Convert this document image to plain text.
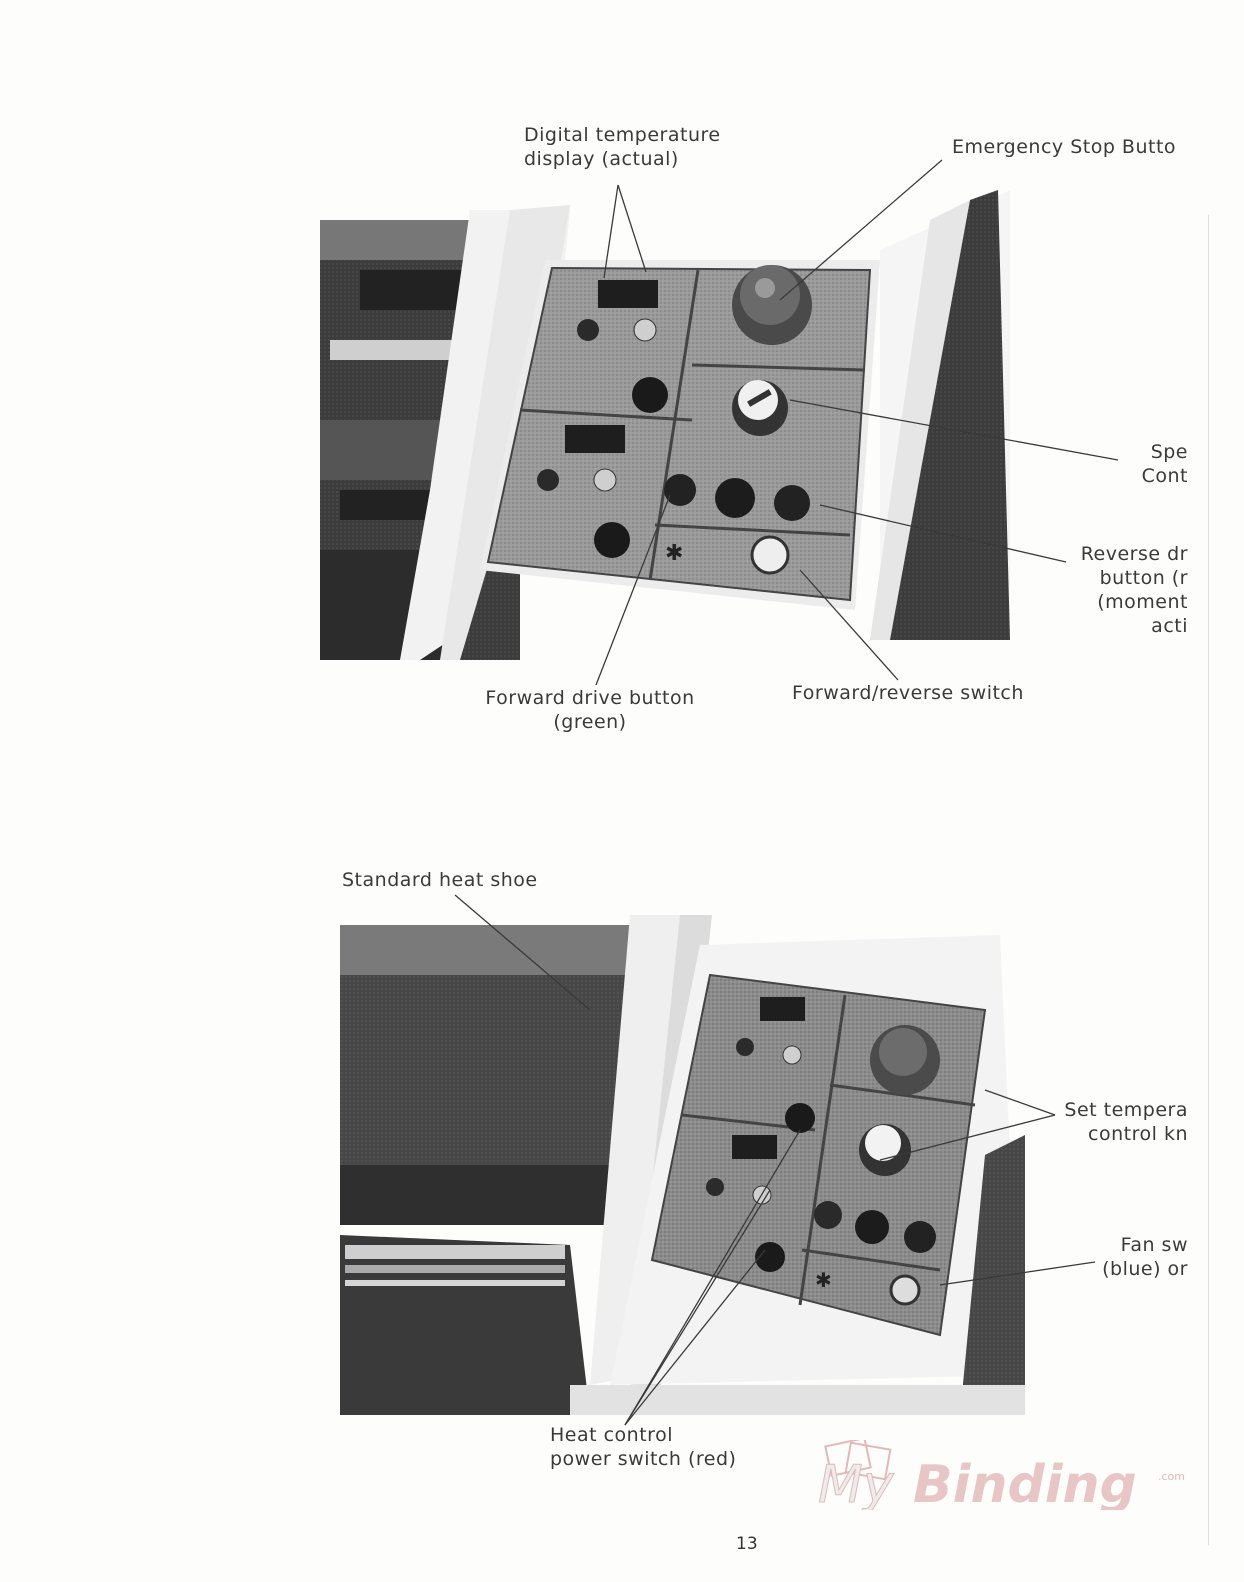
✱
✱
Digital temperature
display (actual)
Emergency Stop Butto
Spe
Cont
Reverse dr
button (r
(moment
acti
Forward drive button
(green)
Forward/reverse switch
Standard heat shoe
Set tempera
control kn
Fan sw
(blue) or
Heat control
power switch (red) My Binding .com
13
